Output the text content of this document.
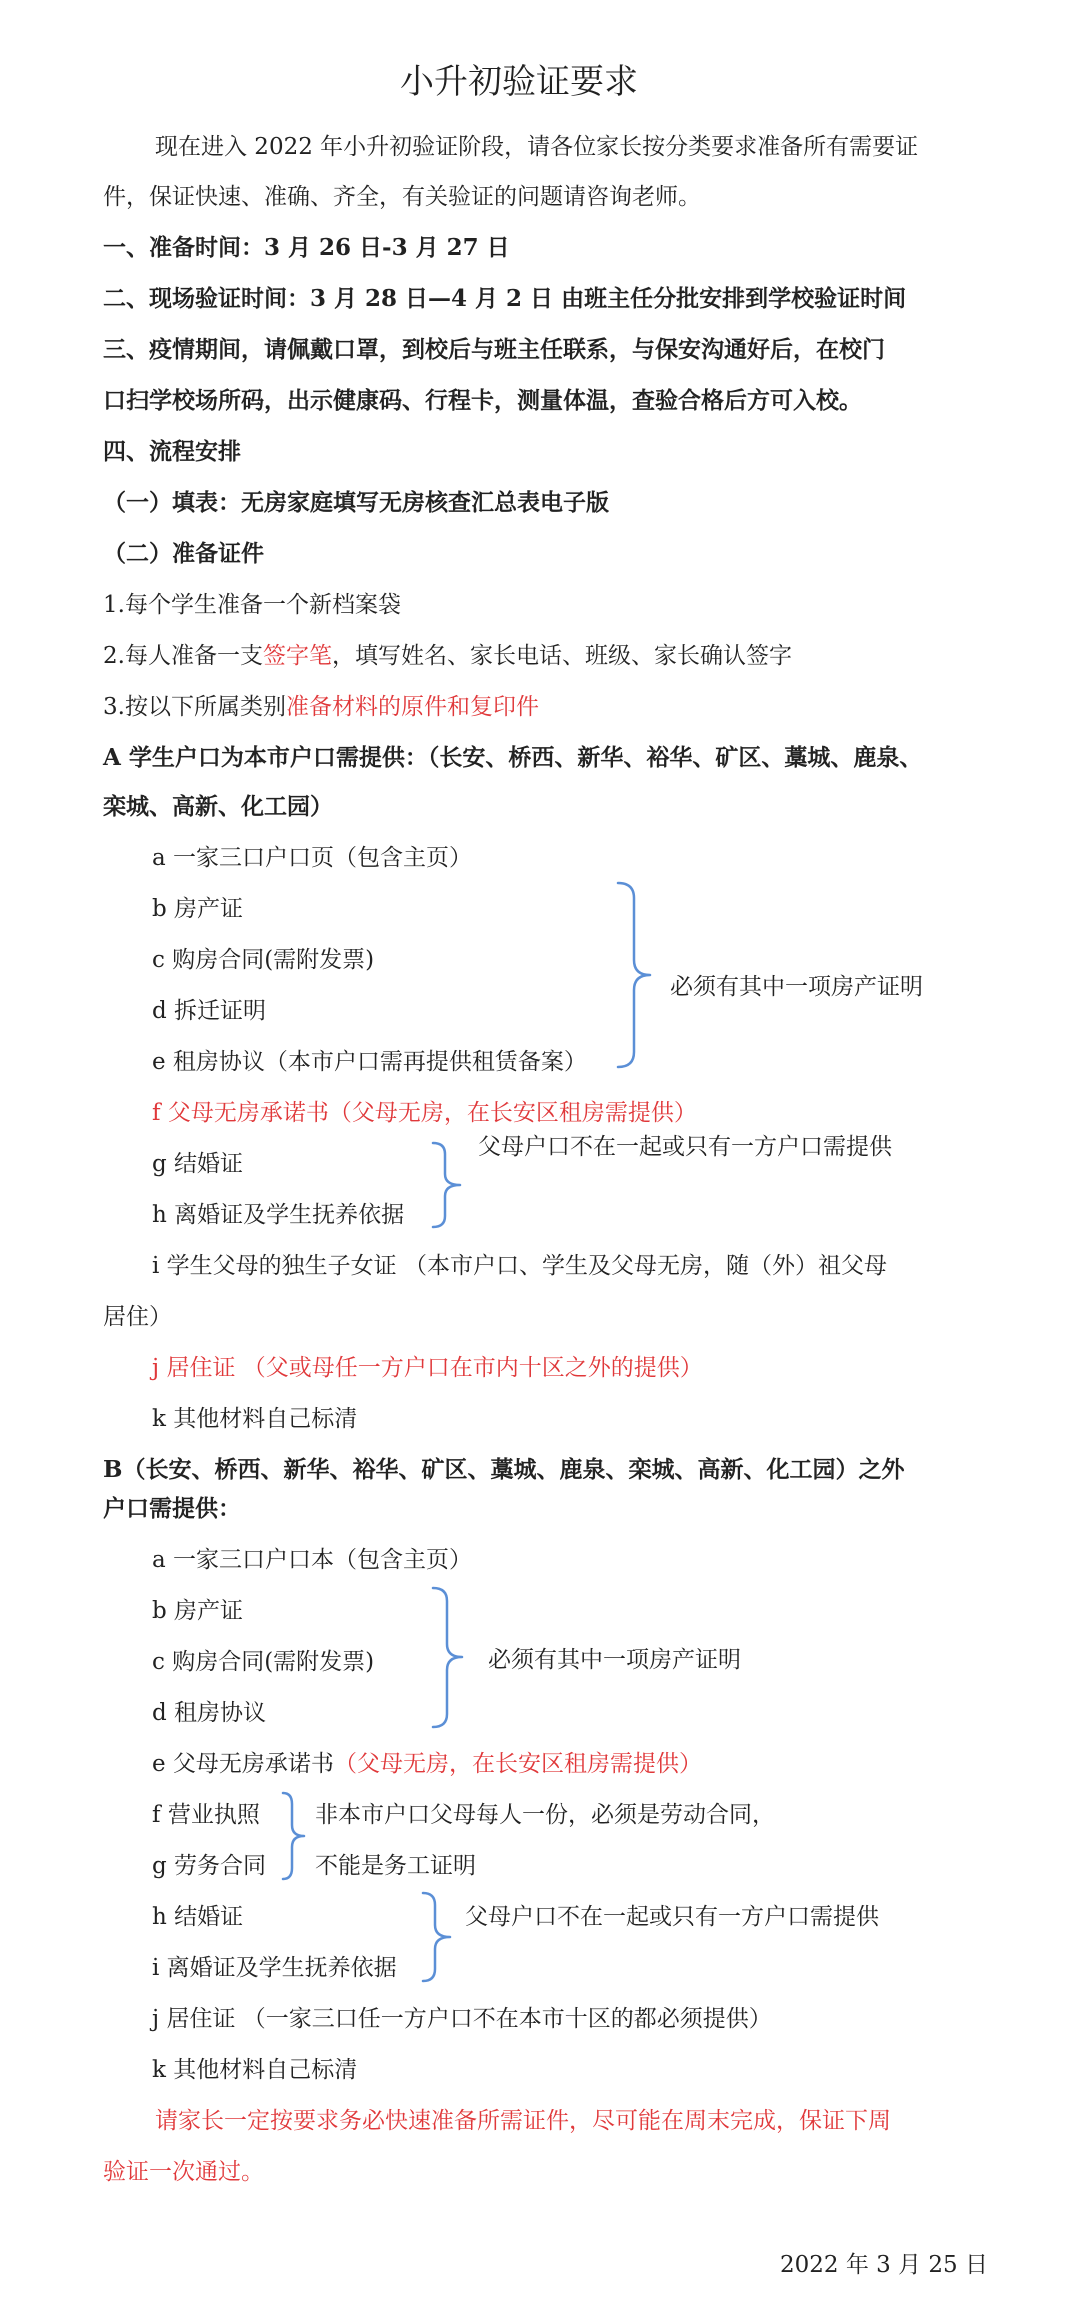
小升初验证要求
现在进入 2022 年小升初验证阶段，请各位家长按分类要求准备所有需要证
件，保证快速、准确、齐全，有关验证的问题请咨询老师。
一、准备时间：3 月 26 日-3 月 27 日
二、现场验证时间：3 月 28 日—4 月 2 日 由班主任分批安排到学校验证时间
三、疫情期间，请佩戴口罩，到校后与班主任联系，与保安沟通好后，在校门
口扫学校场所码，出示健康码、行程卡，测量体温，查验合格后方可入校。
四、流程安排
（一）填表：无房家庭填写无房核查汇总表电子版
（二）准备证件
1.每个学生准备一个新档案袋
2.每人准备一支签字笔，填写姓名、家长电话、班级、家长确认签字
3.按以下所属类别准备材料的原件和复印件
A 学生户口为本市户口需提供：（长安、桥西、新华、裕华、矿区、藁城、鹿泉、
栾城、高新、化工园）
a 一家三口户口页（包含主页）
b 房产证
c 购房合同(需附发票)
d 拆迁证明
e 租房协议（本市户口需再提供租赁备案）
必须有其中一项房产证明
f 父母无房承诺书（父母无房，在长安区租房需提供）
g 结婚证
h 离婚证及学生抚养依据
父母户口不在一起或只有一方户口需提供
i 学生父母的独生子女证 （本市户口、学生及父母无房，随（外）祖父母
居住）
j 居住证 （父或母任一方户口在市内十区之外的提供）
k 其他材料自己标清
B（长安、桥西、新华、裕华、矿区、藁城、鹿泉、栾城、高新、化工园）之外
户口需提供：
a 一家三口户口本（包含主页）
b 房产证
c 购房合同(需附发票)
d 租房协议
必须有其中一项房产证明
e 父母无房承诺书（父母无房，在长安区租房需提供）
f 营业执照
g 劳务合同
非本市户口父母每人一份，必须是劳动合同，
不能是务工证明
h 结婚证
i 离婚证及学生抚养依据
父母户口不在一起或只有一方户口需提供
j 居住证 （一家三口任一方户口不在本市十区的都必须提供）
k 其他材料自己标清
请家长一定按要求务必快速准备所需证件，尽可能在周末完成，保证下周
验证一次通过。
2022 年 3 月 25 日
